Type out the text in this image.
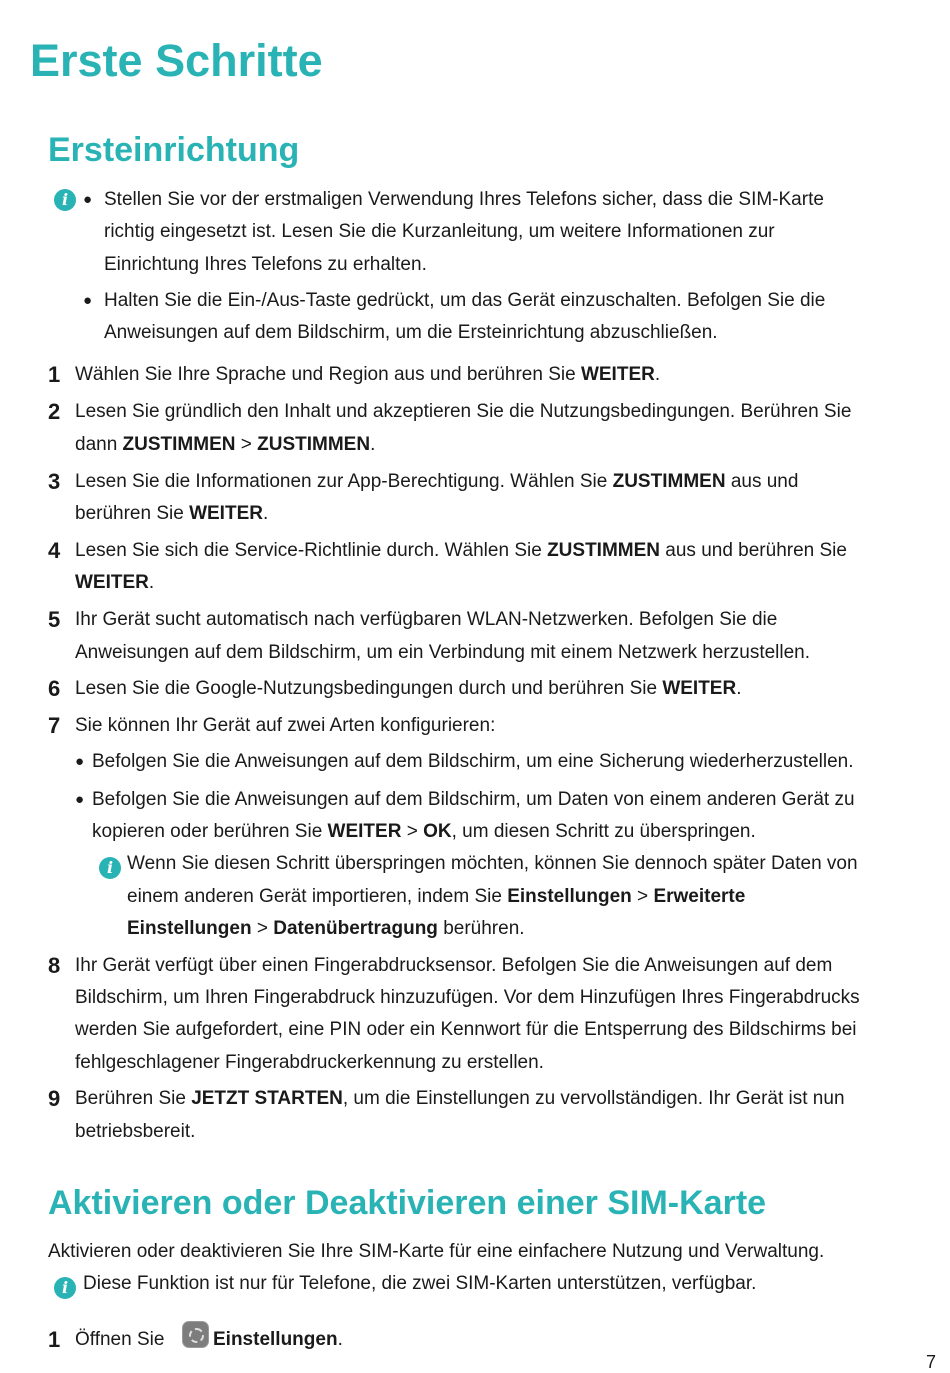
Erste Schritte
Ersteinrichtung
i ● Stellen Sie vor der erstmaligen Verwendung Ihres Telefons sicher, dass die SIM-Karte

richtig eingesetzt ist. Lesen Sie die Kurzanleitung, um weitere Informationen zur

Einrichtung Ihres Telefons zu erhalten.

● Halten Sie die Ein-/Aus-Taste gedrückt, um das Gerät einzuschalten. Befolgen Sie die

Anweisungen auf dem Bildschirm, um die Ersteinrichtung abzuschließen.

1 Wählen Sie Ihre Sprache und Region aus und berühren Sie WEITER.

2 Lesen Sie gründlich den Inhalt und akzeptieren Sie die Nutzungsbedingungen. Berühren Sie

dann ZUSTIMMEN > ZUSTIMMEN.

3 Lesen Sie die Informationen zur App-Berechtigung. Wählen Sie ZUSTIMMEN aus und

berühren Sie WEITER.

4 Lesen Sie sich die Service-Richtlinie durch. Wählen Sie ZUSTIMMEN aus und berühren Sie

WEITER.

5 Ihr Gerät sucht automatisch nach verfügbaren WLAN-Netzwerken. Befolgen Sie die

Anweisungen auf dem Bildschirm, um ein Verbindung mit einem Netzwerk herzustellen.

6 Lesen Sie die Google-Nutzungsbedingungen durch und berühren Sie WEITER.

7 Sie können Ihr Gerät auf zwei Arten konfigurieren:

● Befolgen Sie die Anweisungen auf dem Bildschirm, um eine Sicherung wiederherzustellen.

● Befolgen Sie die Anweisungen auf dem Bildschirm, um Daten von einem anderen Gerät zu

kopieren oder berühren Sie WEITER > OK, um diesen Schritt zu überspringen.

i Wenn Sie diesen Schritt überspringen möchten, können Sie dennoch später Daten von

einem anderen Gerät importieren, indem Sie Einstellungen > Erweiterte

Einstellungen > Datenübertragung berühren.

8 Ihr Gerät verfügt über einen Fingerabdrucksensor. Befolgen Sie die Anweisungen auf dem

Bildschirm, um Ihren Fingerabdruck hinzuzufügen. Vor dem Hinzufügen Ihres Fingerabdrucks

werden Sie aufgefordert, eine PIN oder ein Kennwort für die Entsperrung des Bildschirms bei

fehlgeschlagener Fingerabdruckerkennung zu erstellen.

9 Berühren Sie JETZT STARTEN, um die Einstellungen zu vervollständigen. Ihr Gerät ist nun

betriebsbereit.

Aktivieren oder Deaktivieren einer SIM-Karte

Aktivieren oder deaktivieren Sie Ihre SIM-Karte für eine einfachere Nutzung und Verwaltung.

i Diese Funktion ist nur für Telefone, die zwei SIM-Karten unterstützen, verfügbar.

1 Öffnen Sie	Einstellungen.

7
